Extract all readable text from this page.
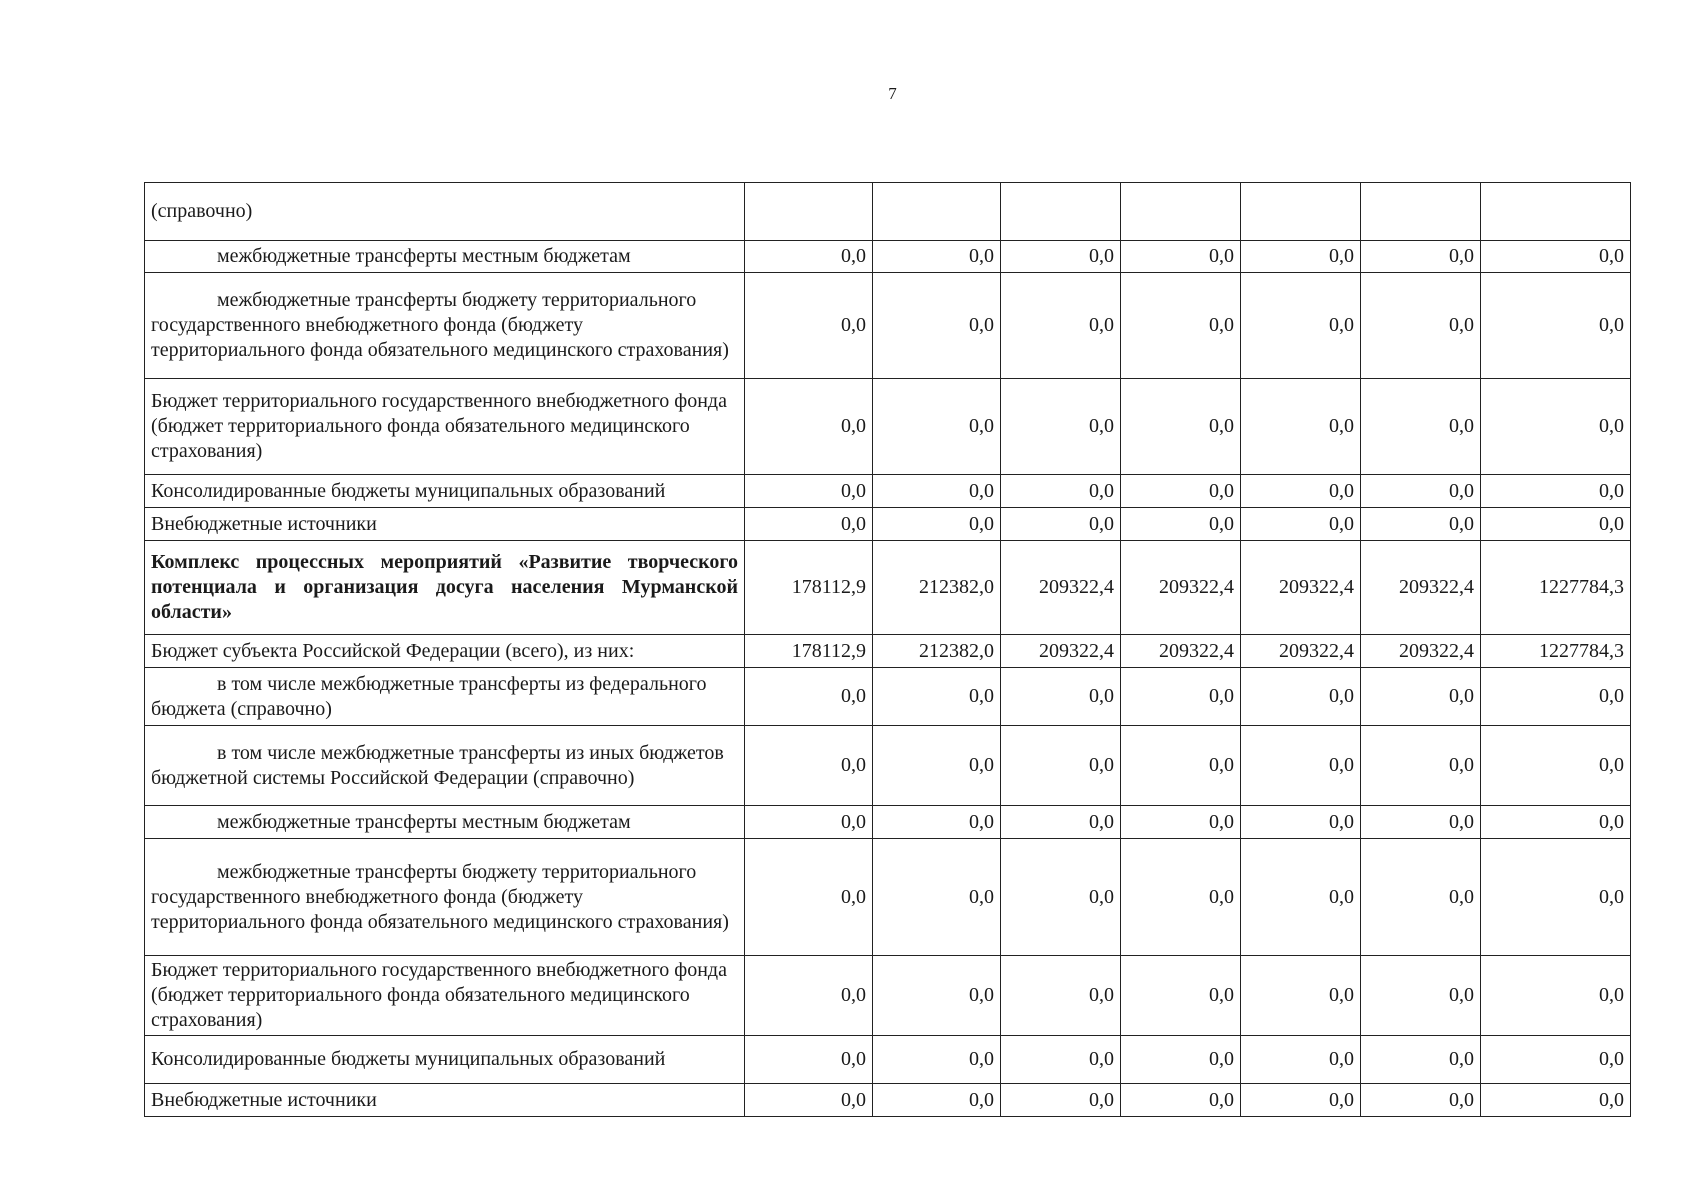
7
(справочно)							

межбюджетные трансферты местным бюджетам	0,0	0,0	0,0	0,0	0,0	0,0	0,0

межбюджетные трансферты бюджету территориального государственного внебюджетного фонда (бюджету территориального фонда обязательного медицинского страхования)	0,0	0,0	0,0	0,0	0,0	0,0	0,0
Бюджет территориального государственного внебюджетного фонда (бюджет территориального фонда обязательного медицинского страхования)	0,0	0,0	0,0	0,0	0,0	0,0	0,0
Консолидированные бюджеты муниципальных образований	0,0	0,0	0,0	0,0	0,0	0,0	0,0
Внебюджетные источники	0,0	0,0	0,0	0,0	0,0	0,0	0,0
Комплекс процессных мероприятий «Развитие творческого потенциала и организация досуга населения Мурманской области»	178112,9	212382,0	209322,4	209322,4	209322,4	209322,4	1227784,3
Бюджет субъекта Российской Федерации (всего), из них:	178112,9	212382,0	209322,4	209322,4	209322,4	209322,4	1227784,3

в том числе межбюджетные трансферты из федерального бюджета (справочно)	0,0	0,0	0,0	0,0	0,0	0,0	0,0

в том числе межбюджетные трансферты из иных бюджетов бюджетной системы Российской Федерации (справочно)	0,0	0,0	0,0	0,0	0,0	0,0	0,0

межбюджетные трансферты местным бюджетам	0,0	0,0	0,0	0,0	0,0	0,0	0,0

межбюджетные трансферты бюджету территориального государственного внебюджетного фонда (бюджету территориального фонда обязательного медицинского страхования)	0,0	0,0	0,0	0,0	0,0	0,0	0,0
Бюджет территориального государственного внебюджетного фонда (бюджет территориального фонда обязательного медицинского страхования)	0,0	0,0	0,0	0,0	0,0	0,0	0,0
Консолидированные бюджеты муниципальных образований	0,0	0,0	0,0	0,0	0,0	0,0	0,0
Внебюджетные источники	0,0	0,0	0,0	0,0	0,0	0,0	0,0
